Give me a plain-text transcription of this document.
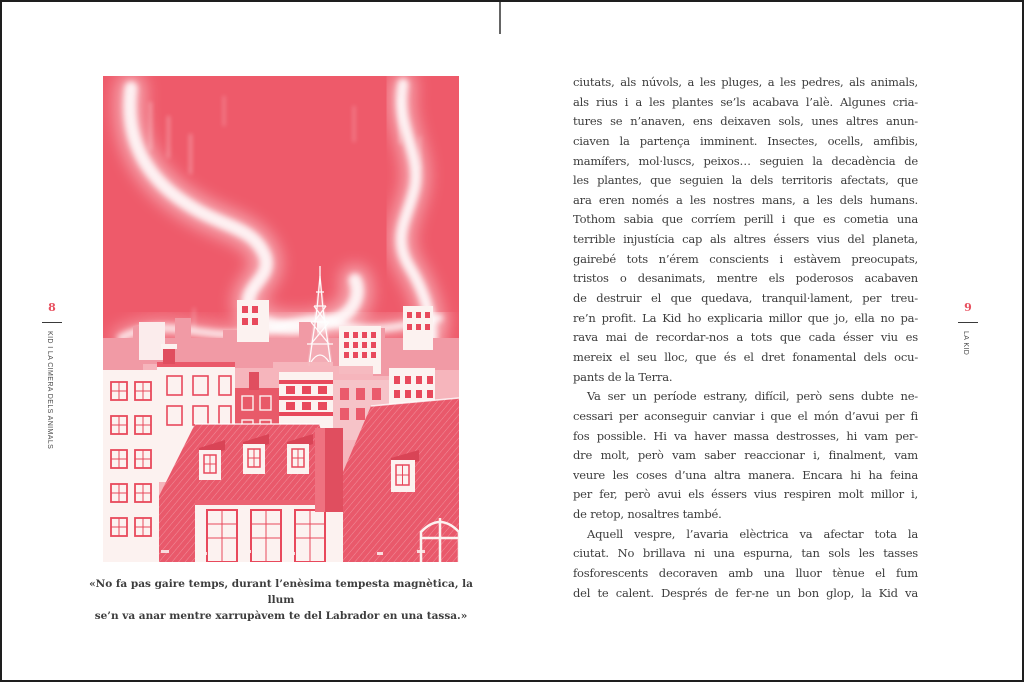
8
KID I LA CIMERA DELS ANIMALS
«No fa pas gaire temps, durant l’enèsima tempesta magnètica, la llum
se’n va anar mentre xarrupàvem te del Labrador en una tassa.»
ciutats, als núvols, a les pluges, a les pedres, als animals,
als rius i a les plantes se’ls acabava l’alè. Algunes cria-
tures se n’anaven, ens deixaven sols, unes altres anun-
ciaven la partença imminent. Insectes, ocells, amfibis,
mamífers, mol·luscs, peixos… seguien la decadència de
les plantes, que seguien la dels territoris afectats, que
ara eren només a les nostres mans, a les dels humans.
Tothom sabia que corríem perill i que es cometia una
terrible injustícia cap als altres éssers vius del planeta,
gairebé tots n’érem conscients i estàvem preocupats,
tristos o desanimats, mentre els poderosos acabaven
de destruir el que quedava, tranquil·lament, per treu-
re’n profit. La Kid ho explicaria millor que jo, ella no pa-
rava mai de recordar-nos a tots que cada ésser viu es
mereix el seu lloc, que és el dret fonamental dels ocu-
pants de la Terra.
Va ser un període estrany, difícil, però sens dubte ne-
cessari per aconseguir canviar i que el món d’avui per fi
fos possible. Hi va haver massa destrosses, hi vam per-
dre molt, però vam saber reaccionar i, finalment, vam
veure les coses d’una altra manera. Encara hi ha feina
per fer, però avui els éssers vius respiren molt millor i,
de retop, nosaltres també.
Aquell vespre, l’avaria elèctrica va afectar tota la
ciutat. No brillava ni una espurna, tan sols les tasses
fosforescents decoraven amb una lluor tènue el fum
del te calent. Després de fer-ne un bon glop, la Kid va
9
LA KID
